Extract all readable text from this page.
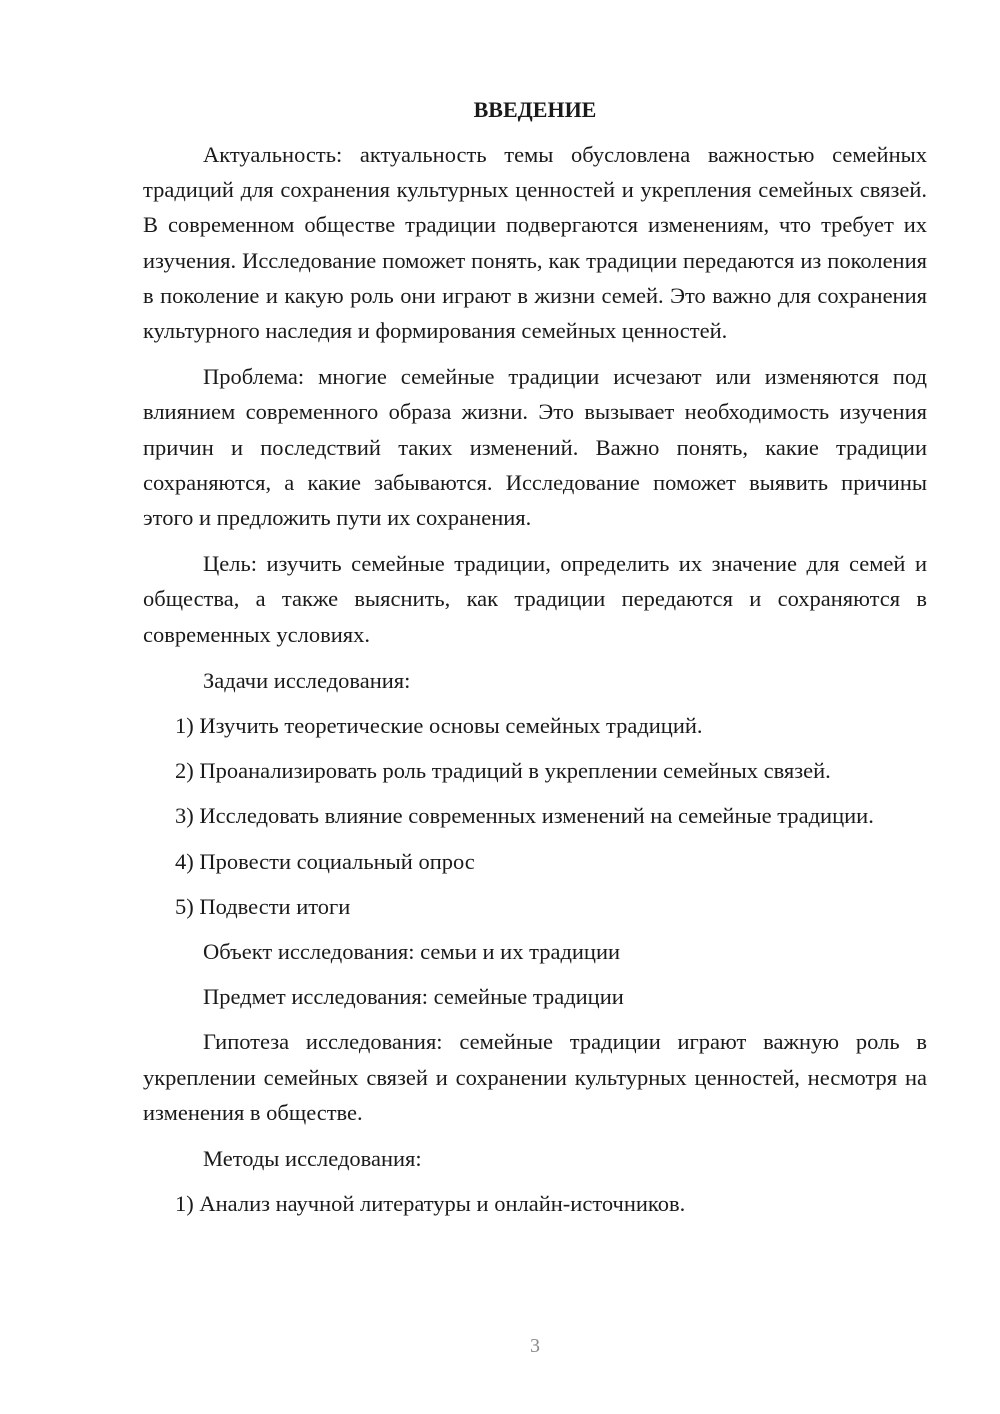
ВВЕДЕНИЕ

Актуальность: актуальность темы обусловлена важностью семейных традиций для сохранения культурных ценностей и укрепления семейных связей. В современном обществе традиции подвергаются изменениям, что требует их изучения. Исследование поможет понять, как традиции передаются из поколения в поколение и какую роль они играют в жизни семей. Это важно для сохранения культурного наследия и формирования семейных ценностей.

Проблема: многие семейные традиции исчезают или изменяются под влиянием современного образа жизни. Это вызывает необходимость изучения причин и последствий таких изменений. Важно понять, какие традиции сохраняются, а какие забываются. Исследование поможет выявить причины этого и предложить пути их сохранения.

Цель: изучить семейные традиции, определить их значение для семей и общества, а также выяснить, как традиции передаются и сохраняются в современных условиях.

Задачи исследования:

1) Изучить теоретические основы семейных традиций.

2) Проанализировать роль традиций в укреплении семейных связей.

3) Исследовать влияние современных изменений на семейные традиции.

4) Провести социальный опрос

5) Подвести итоги

Объект исследования: семьи и их традиции

Предмет исследования: семейные традиции

Гипотеза исследования: семейные традиции играют важную роль в укреплении семейных связей и сохранении культурных ценностей, несмотря на изменения в обществе.

Методы исследования:

1) Анализ научной литературы и онлайн-источников.

3
